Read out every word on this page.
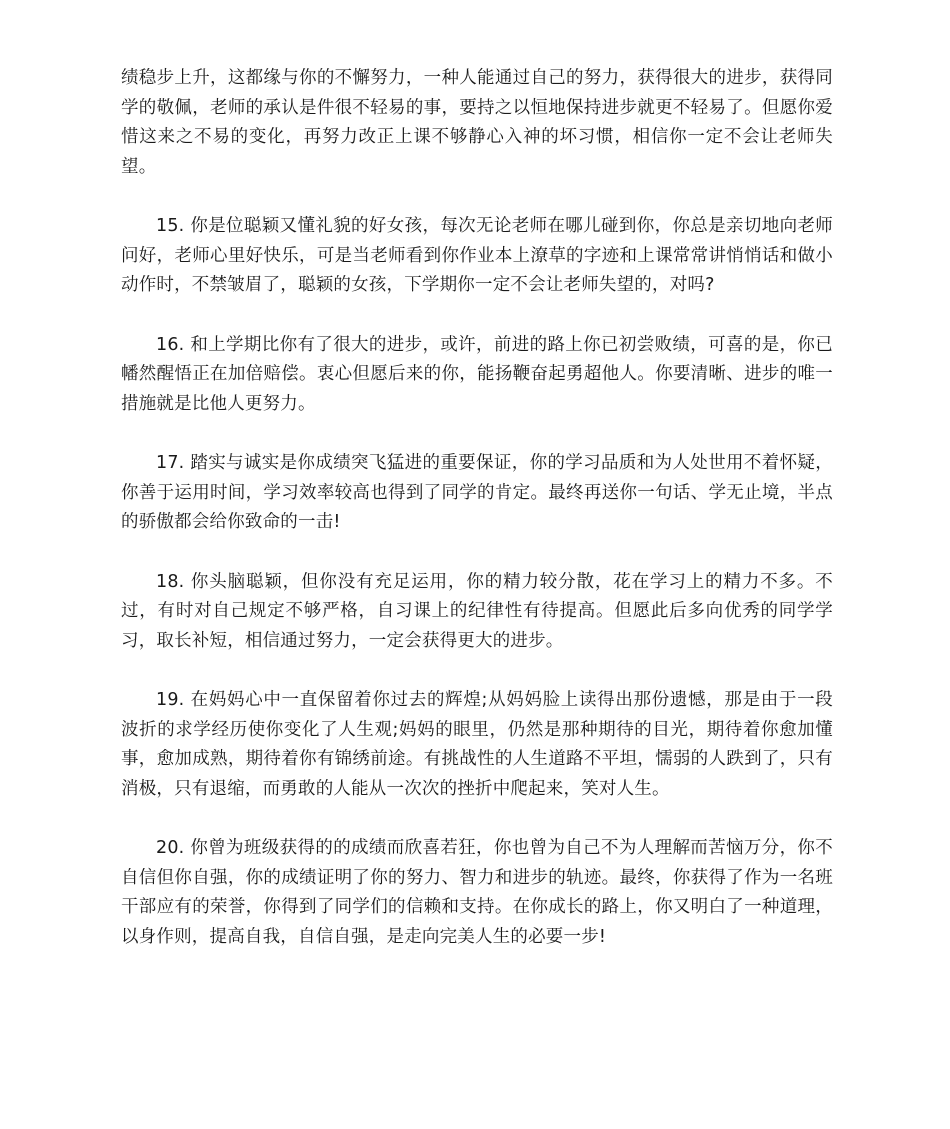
绩稳步上升，这都缘与你的不懈努力，一种人能通过自己的努力，获得很大的进步，获得同学的敬佩，老师的承认是件很不轻易的事，要持之以恒地保持进步就更不轻易了。但愿你爱惜这来之不易的变化，再努力改正上课不够静心入神的坏习惯，相信你一定不会让老师失望。

15. 你是位聪颖又懂礼貌的好女孩，每次无论老师在哪儿碰到你，你总是亲切地向老师问好，老师心里好快乐，可是当老师看到你作业本上潦草的字迹和上课常常讲悄悄话和做小动作时，不禁皱眉了，聪颖的女孩，下学期你一定不会让老师失望的，对吗?

16. 和上学期比你有了很大的进步，或许，前进的路上你已初尝败绩，可喜的是，你已幡然醒悟正在加倍赔偿。衷心但愿后来的你，能扬鞭奋起勇超他人。你要清晰、进步的唯一措施就是比他人更努力。

17. 踏实与诚实是你成绩突飞猛进的重要保证，你的学习品质和为人处世用不着怀疑，你善于运用时间，学习效率较高也得到了同学的肯定。最终再送你一句话、学无止境，半点的骄傲都会给你致命的一击!

18. 你头脑聪颖，但你没有充足运用，你的精力较分散，花在学习上的精力不多。不过，有时对自己规定不够严格，自习课上的纪律性有待提高。但愿此后多向优秀的同学学习，取长补短，相信通过努力，一定会获得更大的进步。

19. 在妈妈心中一直保留着你过去的辉煌;从妈妈脸上读得出那份遗憾，那是由于一段波折的求学经历使你变化了人生观;妈妈的眼里，仍然是那种期待的目光，期待着你愈加懂事，愈加成熟，期待着你有锦绣前途。有挑战性的人生道路不平坦，懦弱的人跌到了，只有消极，只有退缩，而勇敢的人能从一次次的挫折中爬起来，笑对人生。

20. 你曾为班级获得的的成绩而欣喜若狂，你也曾为自己不为人理解而苦恼万分，你不自信但你自强，你的成绩证明了你的努力、智力和进步的轨迹。最终，你获得了作为一名班干部应有的荣誉，你得到了同学们的信赖和支持。在你成长的路上，你又明白了一种道理，以身作则，提高自我，自信自强，是走向完美人生的必要一步!
